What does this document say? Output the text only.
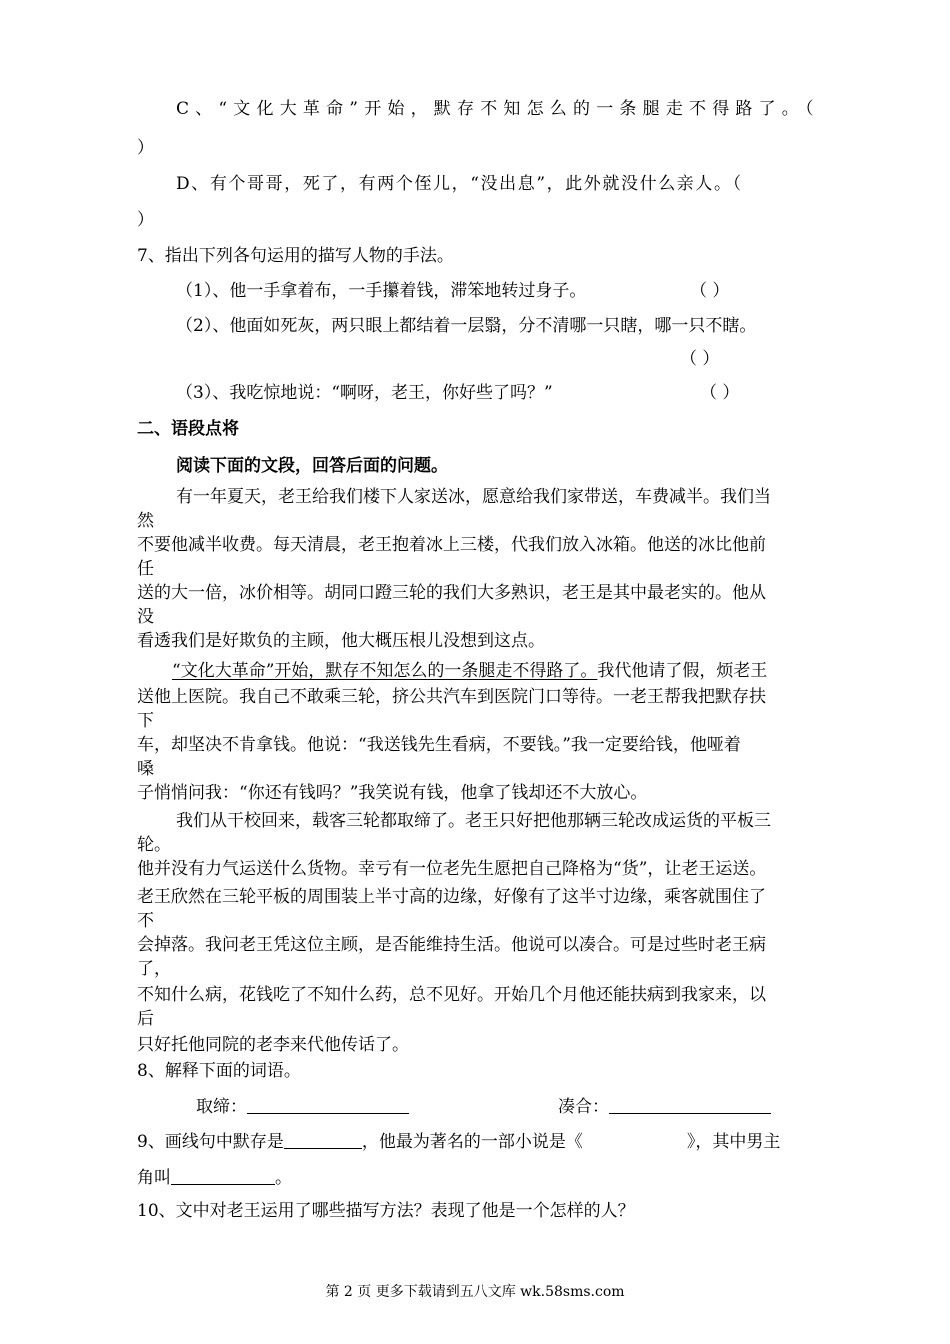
C、“文化大革命”开始，默存不知怎么的一条腿走不得路了。（
）
D、有个哥哥，死了，有两个侄儿，“没出息”，此外就没什么亲人。（
）
7、指出下列各句运用的描写人物的手法。
（1）、他一手拿着布，一手攥着钱，滞笨地转过身子。	（ ）
（2）、他面如死灰，两只眼上都结着一层翳，分不清哪一只瞎，哪一只不瞎。
（ ）
（3）、我吃惊地说：“啊呀，老王，你好些了吗？”	（ ）
二、语段点将
阅读下面的文段，回答后面的问题。
有一年夏天，老王给我们楼下人家送冰，愿意给我们家带送，车费减半。我们当
然
不要他减半收费。每天清晨，老王抱着冰上三楼，代我们放入冰箱。他送的冰比他前
任
送的大一倍，冰价相等。胡同口蹬三轮的我们大多熟识，老王是其中最老实的。他从
没
看透我们是好欺负的主顾，他大概压根儿没想到这点。
“文化大革命”开始，默存不知怎么的一条腿走不得路了。我代他请了假，烦老王
送他上医院。我自己不敢乘三轮，挤公共汽车到医院门口等待。一老王帮我把默存扶
下
车，却坚决不肯拿钱。他说：“我送钱先生看病，不要钱。”我一定要给钱，他哑着
嗓
子悄悄问我：“你还有钱吗？”我笑说有钱，他拿了钱却还不大放心。
我们从干校回来，载客三轮都取缔了。老王只好把他那辆三轮改成运货的平板三
轮。
他并没有力气运送什么货物。幸亏有一位老先生愿把自己降格为“货”，让老王运送。
老王欣然在三轮平板的周围装上半寸高的边缘，好像有了这半寸边缘，乘客就围住了
不
会掉落。我问老王凭这位主顾，是否能维持生活。他说可以凑合。可是过些时老王病
了，
不知什么病，花钱吃了不知什么药，总不见好。开始几个月他还能扶病到我家来，以
后
只好托他同院的老李来代他传话了。
8、解释下面的词语。
取缔：	凑合：
9、画线句中默存是	，他最为著名的一部小说是《	》，其中男主
角叫	。
10、文中对老王运用了哪些描写方法？表现了他是一个怎样的人？
第 2 页 更多下载请到五八文库 wk.58sms.com
